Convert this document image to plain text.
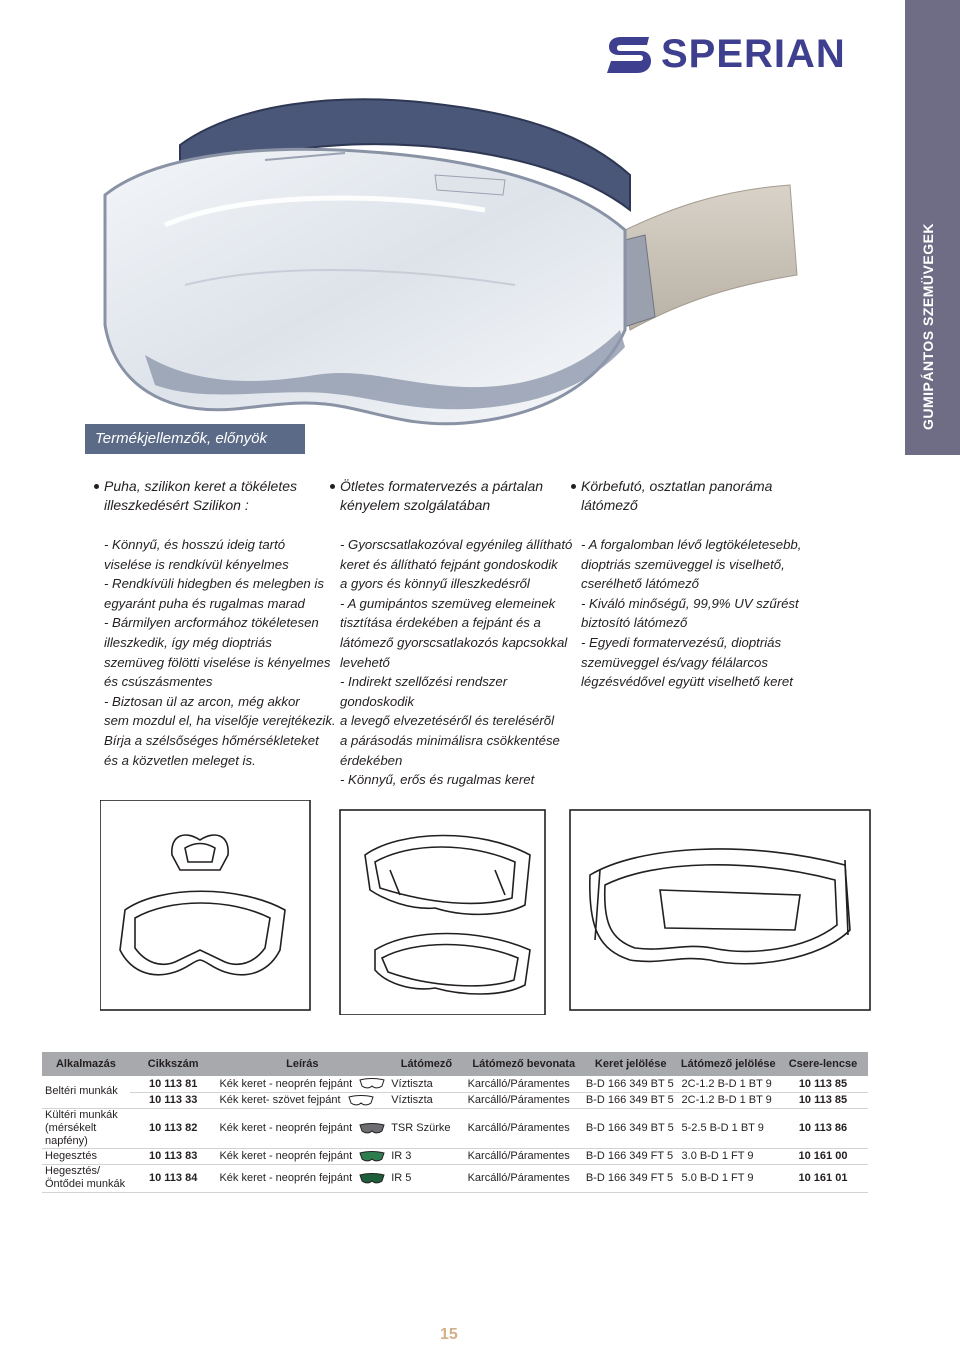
GUMIPÁNTOS SZEMÜVEGEK
SPERIAN
Termékjellemzők, előnyök
Puha, szilikon keret a tökéletes
illeszkedésért Szilikon :
Ötletes formatervezés a pártalan
kényelem szolgálatában
Körbefutó, osztatlan panoráma
látómező

- Könnyű, és hosszú ideig tartó

viselése is rendkívül kényelmes

- Rendkívüli hidegben és melegben is

egyaránt puha és rugalmas marad

- Bármilyen arcformához tökéletesen

illeszkedik, így még dioptriás

szemüveg fölötti viselése is kényelmes

és csúszásmentes

- Biztosan ül az arcon, még akkor

sem mozdul el, ha viselője verejtékezik.

Bírja a szélsőséges hőmérsékleteket

és a közvetlen meleget is.

- Gyorscsatlakozóval egyénileg állítható

keret és állítható fejpánt gondoskodik

a gyors és könnyű illeszkedésről

- A gumipántos szemüveg elemeinek

tisztítása érdekében a fejpánt és a

látómező gyorscsatlakozós kapcsokkal

levehető

- Indirekt szellőzési rendszer gondoskodik

a levegő elvezetéséről és terelésérõl

a párásodás minimálisra csökkentése

érdekében

- Könnyű, erős és rugalmas keret

- A forgalomban lévő legtökéletesebb,

dioptriás szemüveggel is viselhető,

cserélhető látómező

- Kiváló minőségű, 99,9% UV szűrést

biztosító látómező

- Egyedi formatervezésű, dioptriás

szemüveggel és/vagy félálarcos

légzésvédővel együtt viselhető keret

Alkalmazás	Cikkszám	Leírás	Látómező	Látómező bevonata	Keret jelölése	Látómező jelölése	Csere-lencse
Beltéri munkák	10 113 81	Kék keret - neoprén fejpánt	Víztiszta	Karcálló/Páramentes	B-D 166 349 BT 5	2C-1.2 B-D 1 BT 9	10 113 85
	10 113 33	Kék keret- szövet fejpánt	Víztiszta	Karcálló/Páramentes	B-D 166 349 BT 5	2C-1.2 B-D 1 BT 9	10 113 85
Kültéri munkák (mérsékelt napfény)	10 113 82	Kék keret - neoprén fejpánt	TSR Szürke	Karcálló/Páramentes	B-D 166 349 BT 5	5-2.5 B-D 1 BT 9	10 113 86
Hegesztés	10 113 83	Kék keret - neoprén fejpánt	IR 3	Karcálló/Páramentes	B-D 166 349 FT 5	3.0 B-D 1 FT 9	10 161 00
Hegesztés/ Öntődei munkák	10 113 84	Kék keret - neoprén fejpánt	IR 5	Karcálló/Páramentes	B-D 166 349 FT 5	5.0 B-D 1 FT 9	10 161 01
15
